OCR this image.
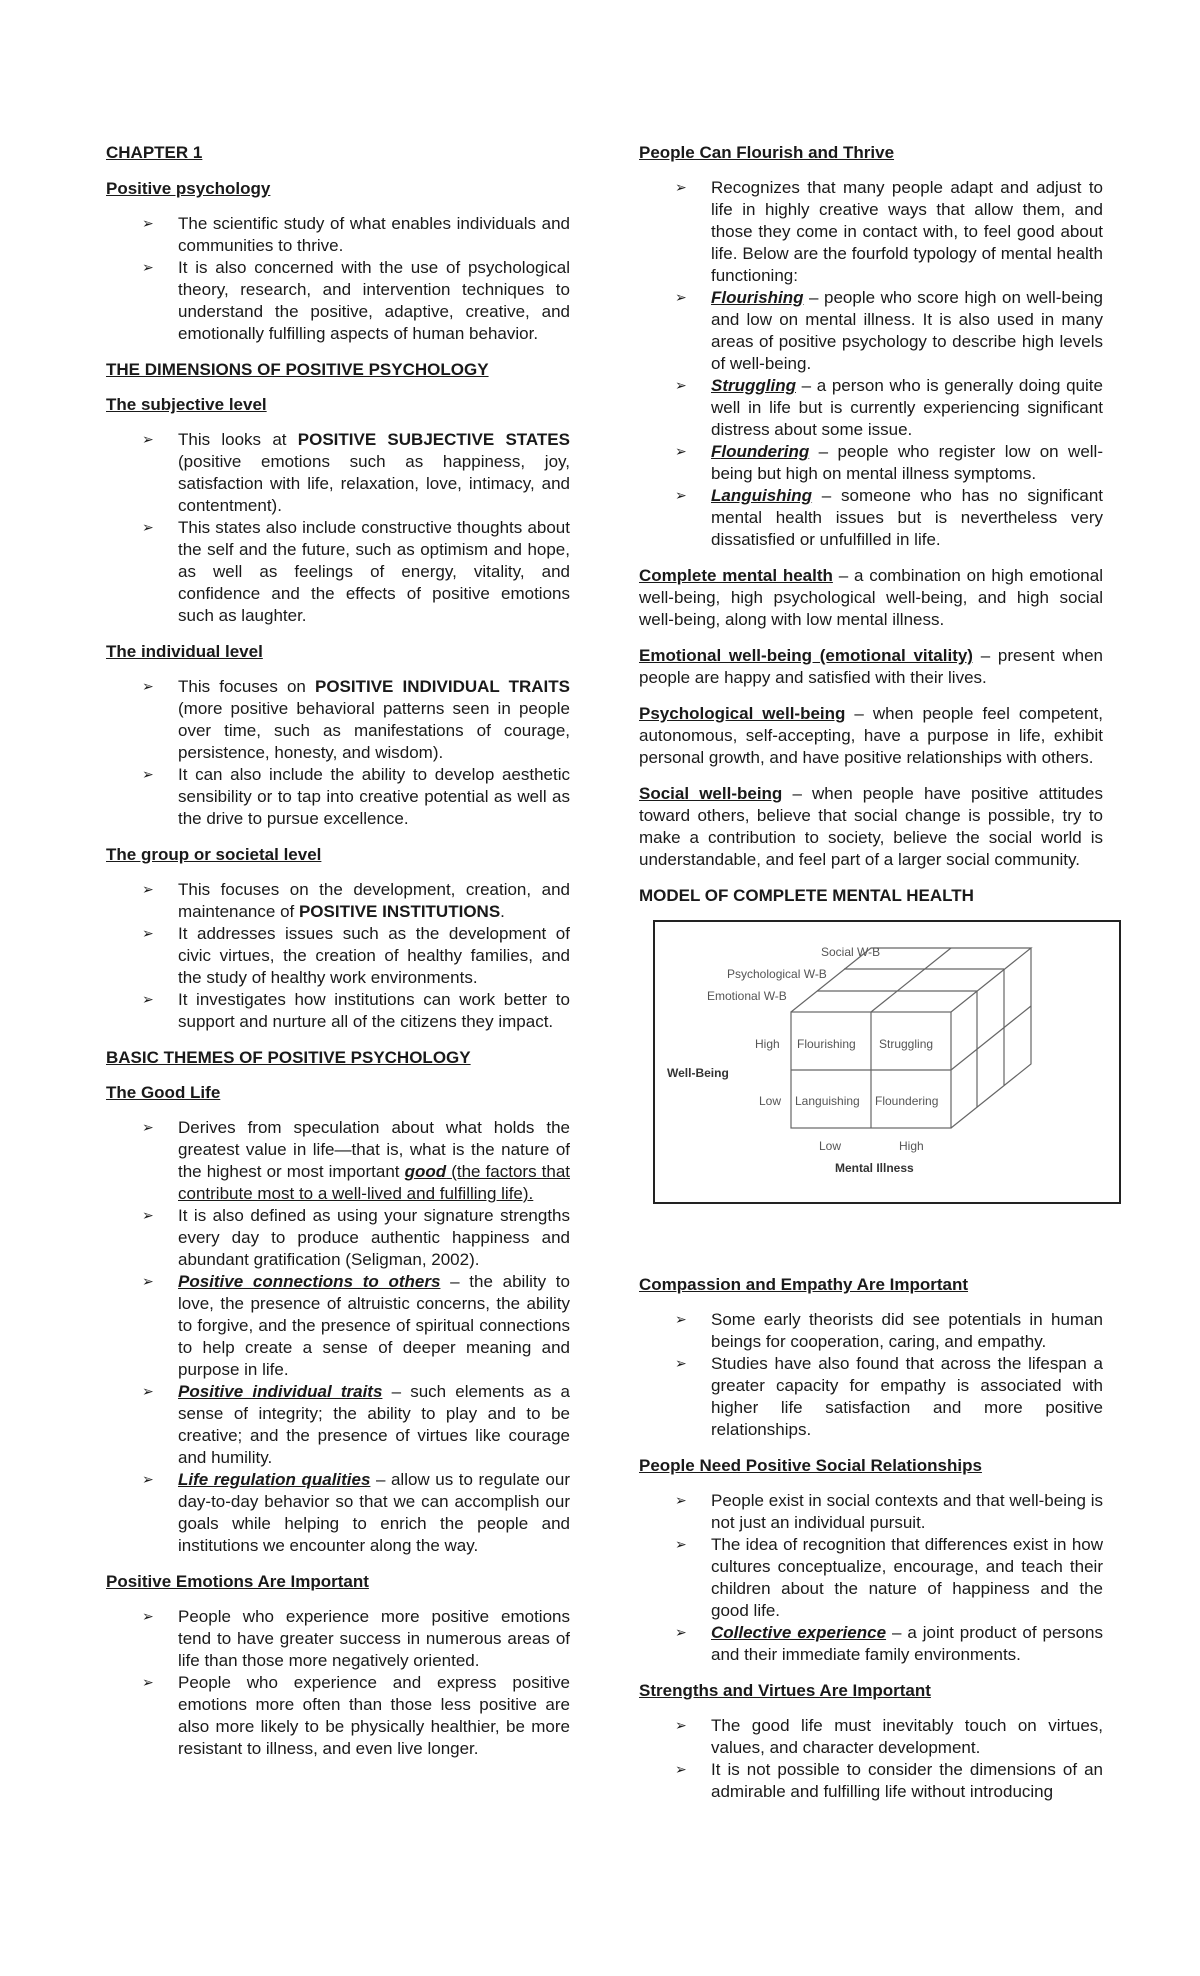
CHAPTER 1
Positive psychology
➢ The scientific study of what enables individuals and communities to thrive.
➢ It is also concerned with the use of psychological theory, research, and intervention techniques to understand the positive, adaptive, creative, and emotionally fulfilling aspects of human behavior.
THE DIMENSIONS OF POSITIVE PSYCHOLOGY
The subjective level
➢ This looks at POSITIVE SUBJECTIVE STATES (positive emotions such as happiness, joy, satisfaction with life, relaxation, love, intimacy, and contentment).
➢ This states also include constructive thoughts about the self and the future, such as optimism and hope, as well as feelings of energy, vitality, and confidence and the effects of positive emotions such as laughter.
The individual level
➢ This focuses on POSITIVE INDIVIDUAL TRAITS (more positive behavioral patterns seen in people over time, such as manifestations of courage, persistence, honesty, and wisdom).
➢ It can also include the ability to develop aesthetic sensibility or to tap into creative potential as well as the drive to pursue excellence.
The group or societal level
➢ This focuses on the development, creation, and maintenance of POSITIVE INSTITUTIONS.
➢ It addresses issues such as the development of civic virtues, the creation of healthy families, and the study of healthy work environments.
➢ It investigates how institutions can work better to support and nurture all of the citizens they impact.
BASIC THEMES OF POSITIVE PSYCHOLOGY
The Good Life
➢ Derives from speculation about what holds the greatest value in life—that is, what is the nature of the highest or most important good (the factors that contribute most to a well-lived and fulfilling life).
➢ It is also defined as using your signature strengths every day to produce authentic happiness and abundant gratification (Seligman, 2002).
➢ Positive connections to others – the ability to love, the presence of altruistic concerns, the ability to forgive, and the presence of spiritual connections to help create a sense of deeper meaning and purpose in life.
➢ Positive individual traits – such elements as a sense of integrity; the ability to play and to be creative; and the presence of virtues like courage and humility.
➢ Life regulation qualities – allow us to regulate our day-to-day behavior so that we can accomplish our goals while helping to enrich the people and institutions we encounter along the way.
Positive Emotions Are Important
➢ People who experience more positive emotions tend to have greater success in numerous areas of life than those more negatively oriented.
➢ People who experience and express positive emotions more often than those less positive are also more likely to be physically healthier, be more resistant to illness, and even live longer.
People Can Flourish and Thrive
➢ Recognizes that many people adapt and adjust to life in highly creative ways that allow them, and those they come in contact with, to feel good about life. Below are the fourfold typology of mental health functioning:
➢ Flourishing – people who score high on well-being and low on mental illness. It is also used in many areas of positive psychology to describe high levels of well-being.
➢ Struggling – a person who is generally doing quite well in life but is currently experiencing significant distress about some issue.
➢ Floundering – people who register low on well-being but high on mental illness symptoms.
➢ Languishing – someone who has no significant mental health issues but is nevertheless very dissatisfied or unfulfilled in life.

Complete mental health – a combination on high emotional well-being, high psychological well-being, and high social well-being, along with low mental illness.

Emotional well-being (emotional vitality) – present when people are happy and satisfied with their lives.

Psychological well-being – when people feel competent, autonomous, self-accepting, have a purpose in life, exhibit personal growth, and have positive relationships with others.

Social well-being – when people have positive attitudes toward others, believe that social change is possible, try to make a contribution to society, believe the social world is understandable, and feel part of a larger social community.

MODEL OF COMPLETE MENTAL HEALTH
Social W-B
Psychological W-B
Emotional W-B
High
Low
Flourishing Struggling
Languishing Floundering
Low	High
Well-Being
Mental Illness
Compassion and Empathy Are Important
➢ Some early theorists did see potentials in human beings for cooperation, caring, and empathy.
➢ Studies have also found that across the lifespan a greater capacity for empathy is associated with higher life satisfaction and more positive relationships.
People Need Positive Social Relationships
➢ People exist in social contexts and that well-being is not just an individual pursuit.
➢ The idea of recognition that differences exist in how cultures conceptualize, encourage, and teach their children about the nature of happiness and the good life.
➢ Collective experience – a joint product of persons and their immediate family environments.
Strengths and Virtues Are Important
➢ The good life must inevitably touch on virtues, values, and character development.
➢ It is not possible to consider the dimensions of an admirable and fulfilling life without introducing
